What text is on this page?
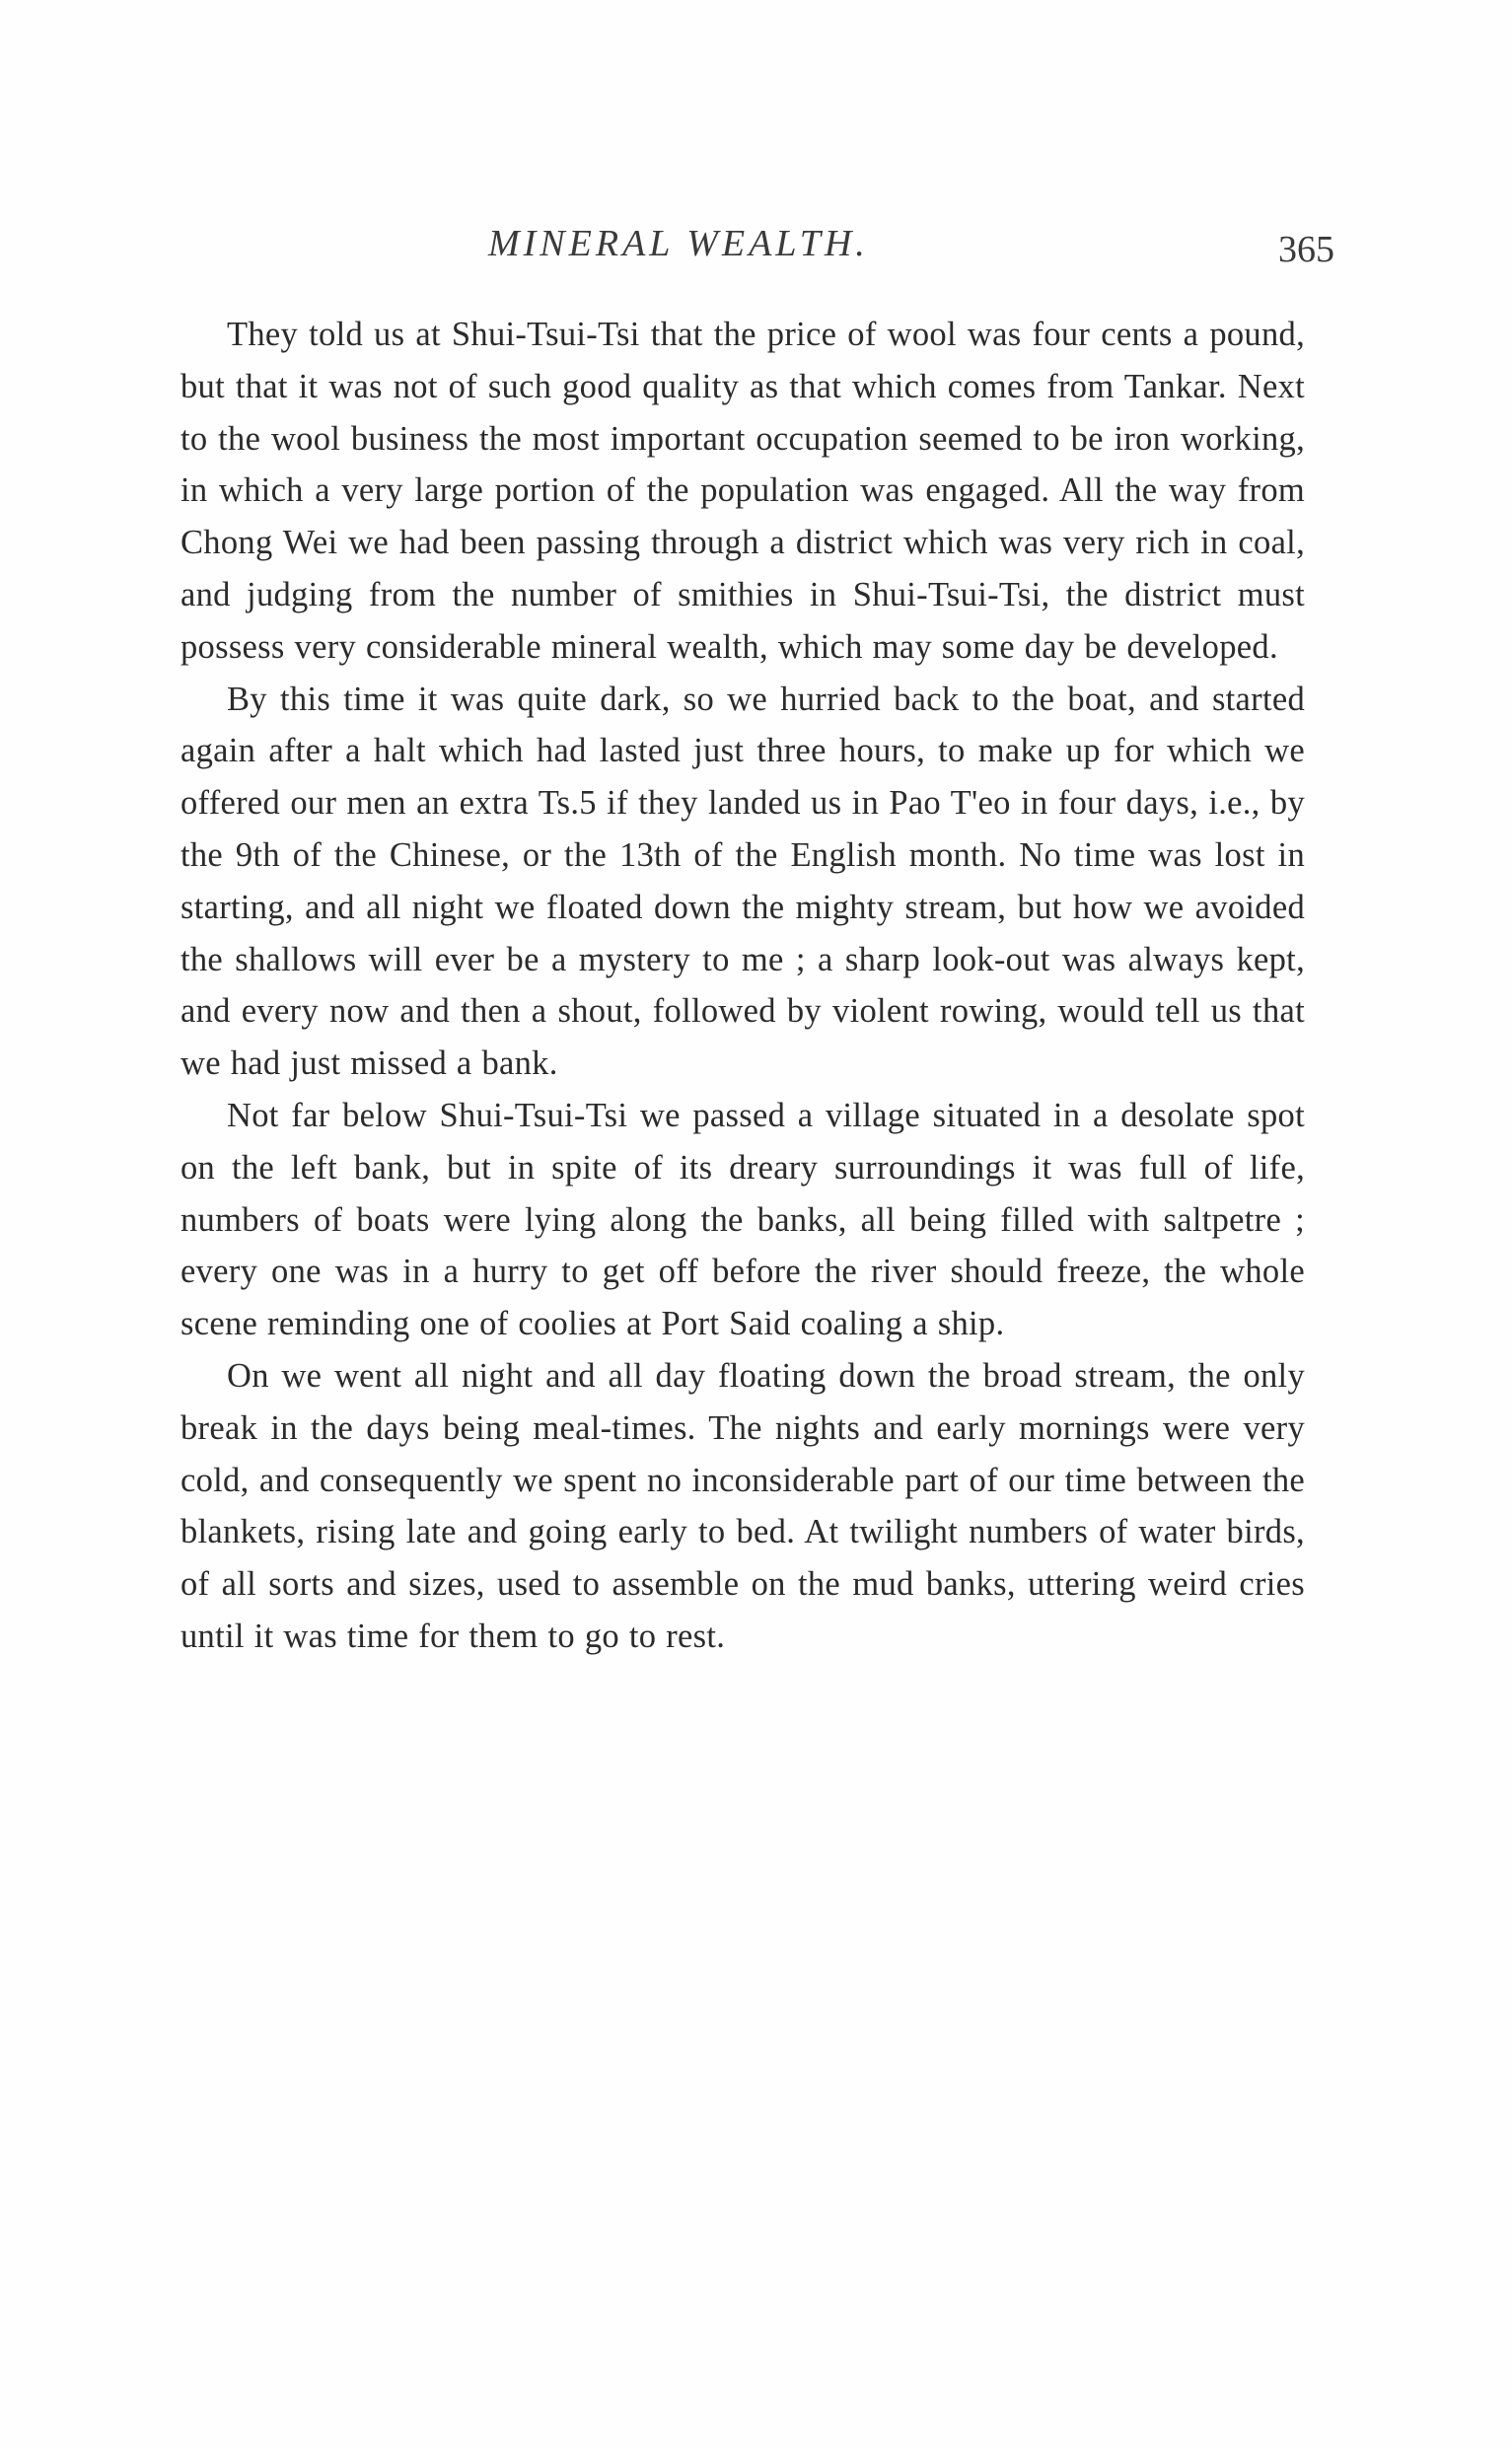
MINERAL WEALTH.	365

They told us at Shui-Tsui-Tsi that the price of wool was four cents a pound, but that it was not of such good quality as that which comes from Tankar. Next to the wool business the most important occupation seemed to be iron working, in which a very large portion of the population was engaged. All the way from Chong Wei we had been passing through a district which was very rich in coal, and judging from the number of smithies in Shui-Tsui-Tsi, the district must possess very considerable mineral wealth, which may some day be developed.

By this time it was quite dark, so we hurried back to the boat, and started again after a halt which had lasted just three hours, to make up for which we offered our men an extra Ts.5 if they landed us in Pao T'eo in four days, i.e., by the 9th of the Chinese, or the 13th of the English month. No time was lost in starting, and all night we floated down the mighty stream, but how we avoided the shallows will ever be a mystery to me ; a sharp look-out was always kept, and every now and then a shout, followed by violent rowing, would tell us that we had just missed a bank.

Not far below Shui-Tsui-Tsi we passed a village situated in a desolate spot on the left bank, but in spite of its dreary surroundings it was full of life, numbers of boats were lying along the banks, all being filled with saltpetre ; every one was in a hurry to get off before the river should freeze, the whole scene reminding one of coolies at Port Said coaling a ship.

On we went all night and all day floating down the broad stream, the only break in the days being meal-times. The nights and early mornings were very cold, and consequently we spent no inconsiderable part of our time between the blankets, rising late and going early to bed. At twilight numbers of water birds, of all sorts and sizes, used to assemble on the mud banks, uttering weird cries until it was time for them to go to rest.
